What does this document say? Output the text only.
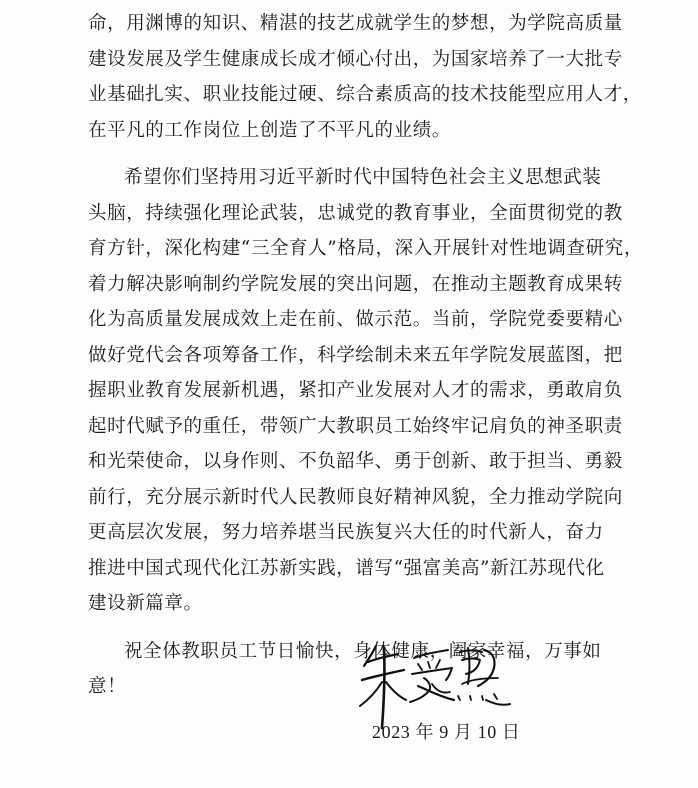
命，用渊博的知识、精湛的技艺成就学生的梦想，为学院高质量
建设发展及学生健康成长成才倾心付出，为国家培养了一大批专
业基础扎实、职业技能过硬、综合素质高的技术技能型应用人才，
在平凡的工作岗位上创造了不平凡的业绩。
希望你们坚持用习近平新时代中国特色社会主义思想武装
头脑，持续强化理论武装，忠诚党的教育事业，全面贯彻党的教
育方针，深化构建“三全育人”格局，深入开展针对性地调查研究，
着力解决影响制约学院发展的突出问题，在推动主题教育成果转
化为高质量发展成效上走在前、做示范。当前，学院党委要精心
做好党代会各项筹备工作，科学绘制未来五年学院发展蓝图，把
握职业教育发展新机遇，紧扣产业发展对人才的需求，勇敢肩负
起时代赋予的重任，带领广大教职员工始终牢记肩负的神圣职责
和光荣使命，以身作则、不负韶华、勇于创新、敢于担当、勇毅
前行，充分展示新时代人民教师良好精神风貌，全力推动学院向
更高层次发展，努力培养堪当民族复兴大任的时代新人，奋力
推进中国式现代化江苏新实践，谱写“强富美高”新江苏现代化
建设新篇章。
祝全体教职员工节日愉快，身体健康，阖家幸福，万事如
意！
2023 年 9 月 10 日
